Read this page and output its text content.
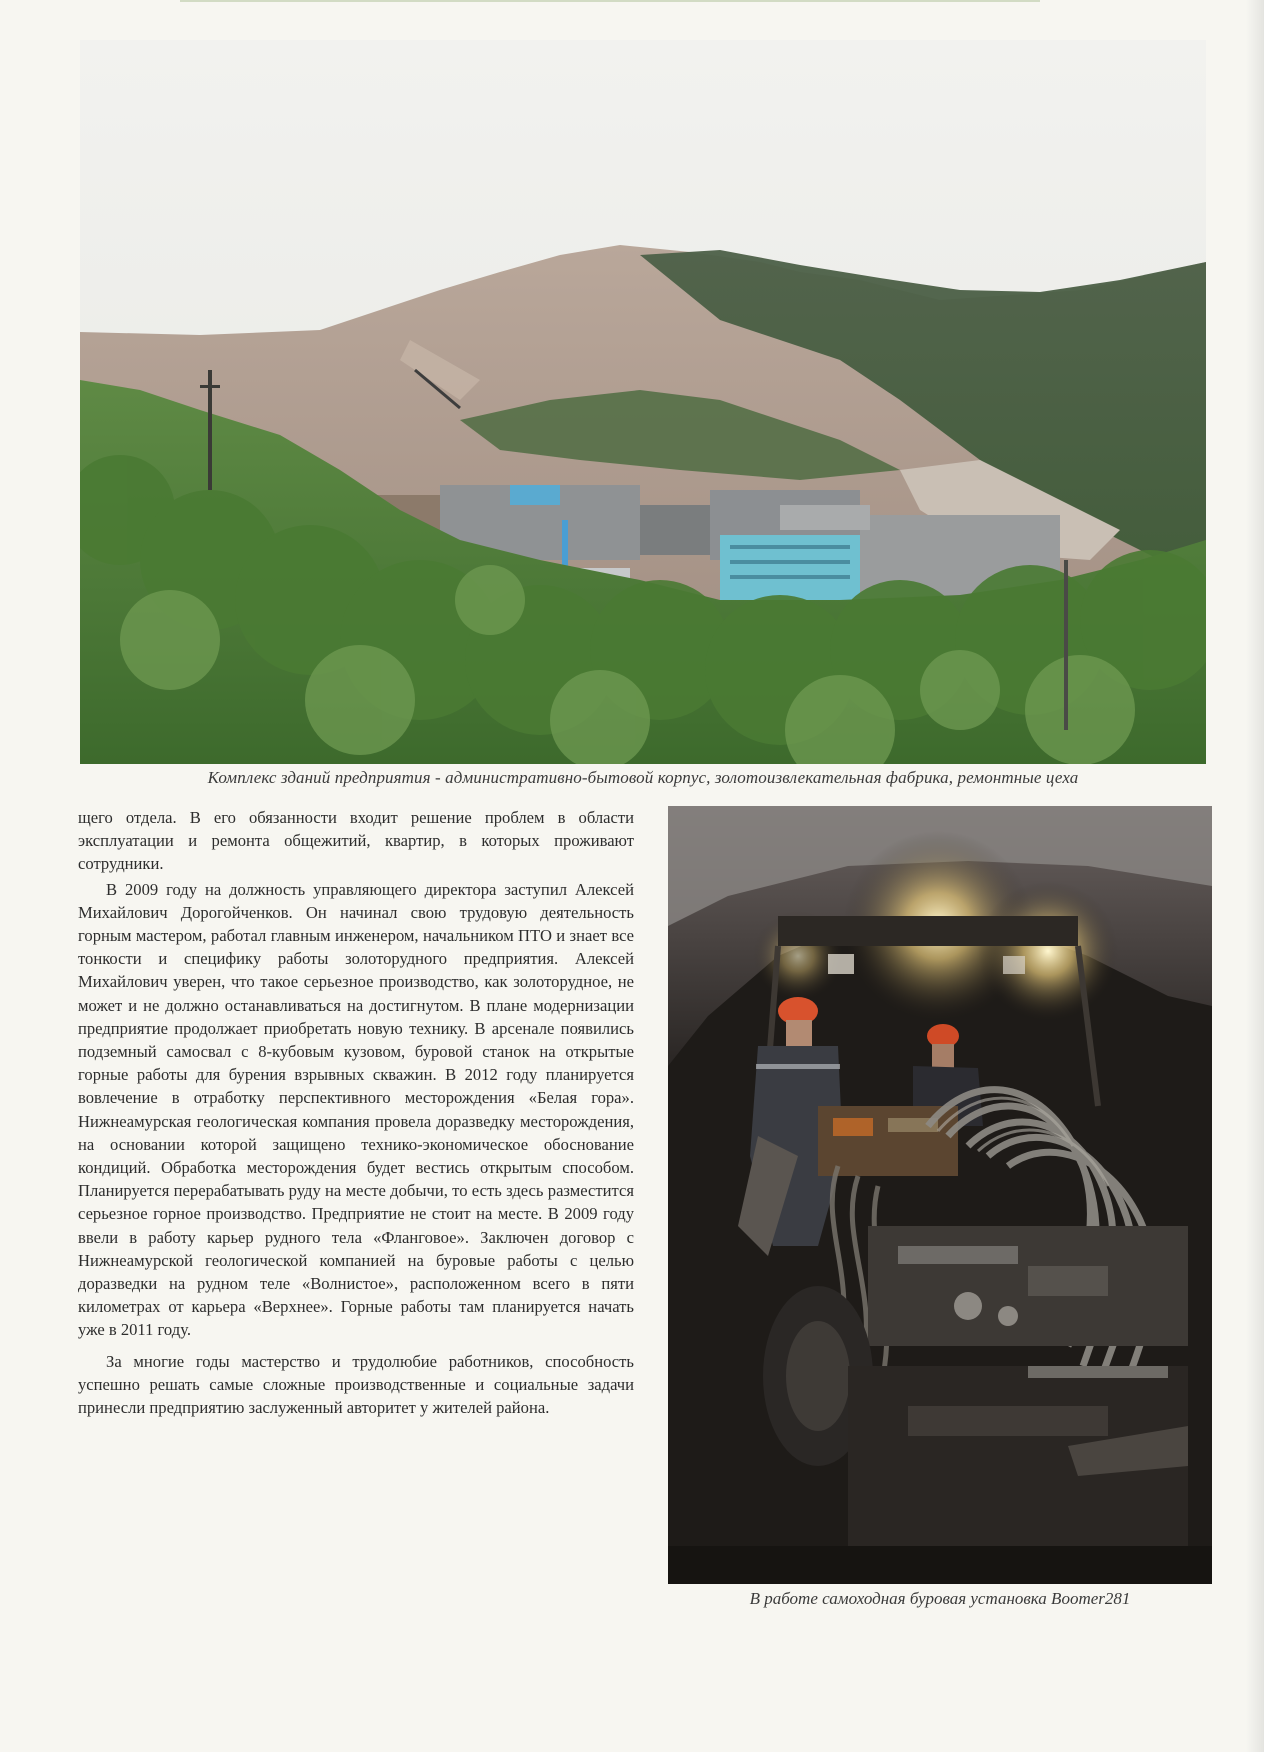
Комплекс зданий предприятия - административно-бытовой корпус, золотоизвлекательная фабрика, ремонтные цеха

щего отдела. В его обязанности входит решение проблем в области эксплуатации и ремонта общежитий, квартир, в которых проживают сотрудники.

В 2009 году на должность управляющего директора заступил Алексей Михайлович Дорогойченков. Он начинал свою трудовую деятельность горным мастером, работал главным инженером, начальником ПТО и знает все тонкости и специфику работы золоторудного предприятия. Алексей Михайлович уверен, что такое серьезное производство, как золоторудное, не может и не должно останавливаться на достигнутом. В плане модернизации предприятие продолжает приобретать новую технику. В арсенале появились подземный самосвал с 8-кубовым кузовом, буровой станок на открытые горные работы для бурения взрывных скважин. В 2012 году планируется вовлечение в отработку перспективного месторождения «Белая гора». Нижнеамурская геологическая компания провела доразведку месторождения, на основании которой защищено технико-экономическое обоснование кондиций. Обработка месторождения будет вестись открытым способом. Планируется перерабатывать руду на месте добычи, то есть здесь разместится серьезное горное производство. Предприятие не стоит на месте. В 2009 году ввели в работу карьер рудного тела «Фланговое». Заключен договор с Нижнеамурской геологической компанией на буровые работы с целью доразведки на рудном теле «Волнистое», расположенном всего в пяти километрах от карьера «Верхнее». Горные работы там планируется начать уже в 2011 году.

За многие годы мастерство и трудолюбие работников, способность успешно решать самые сложные производственные и социальные задачи принесли предприятию заслуженный авторитет у жителей района.

В работе самоходная буровая установка Boomer281
